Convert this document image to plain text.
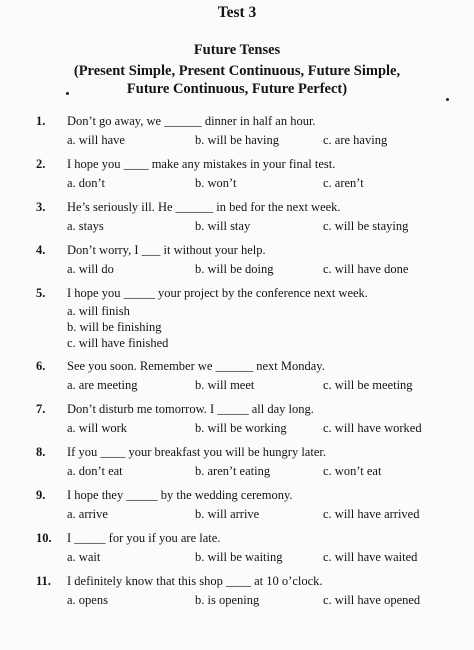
Test 3
Future Tenses
(Present Simple, Present Continuous, Future Simple,
Future Continuous, Future Perfect)
1. Don’t go away, we ______ dinner in half an hour.
a. will have	b. will be having	c. are having
2. I hope you ____ make any mistakes in your final test.
a. don’t	b. won’t	c. aren’t
3. He’s seriously ill. He ______ in bed for the next week.
a. stays	b. will stay	c. will be staying
4. Don’t worry, I ___ it without your help.
a. will do	b. will be doing	c. will have done
5. I hope you _____ your project by the conference next week.
a. will finish
b. will be finishing
c. will have finished
6. See you soon. Remember we ______ next Monday.
a. are meeting	b. will meet	c. will be meeting
7. Don’t disturb me tomorrow. I _____ all day long.
a. will work	b. will be working	c. will have worked
8. If you ____ your breakfast you will be hungry later.
a. don’t eat	b. aren’t eating	c. won’t eat
9. I hope they _____ by the wedding ceremony.
a. arrive	b. will arrive	c. will have arrived
10. I _____ for you if you are late.
a. wait	b. will be waiting	c. will have waited
11. I definitely know that this shop ____ at 10 o’clock.
a. opens	b. is opening	c. will have opened
